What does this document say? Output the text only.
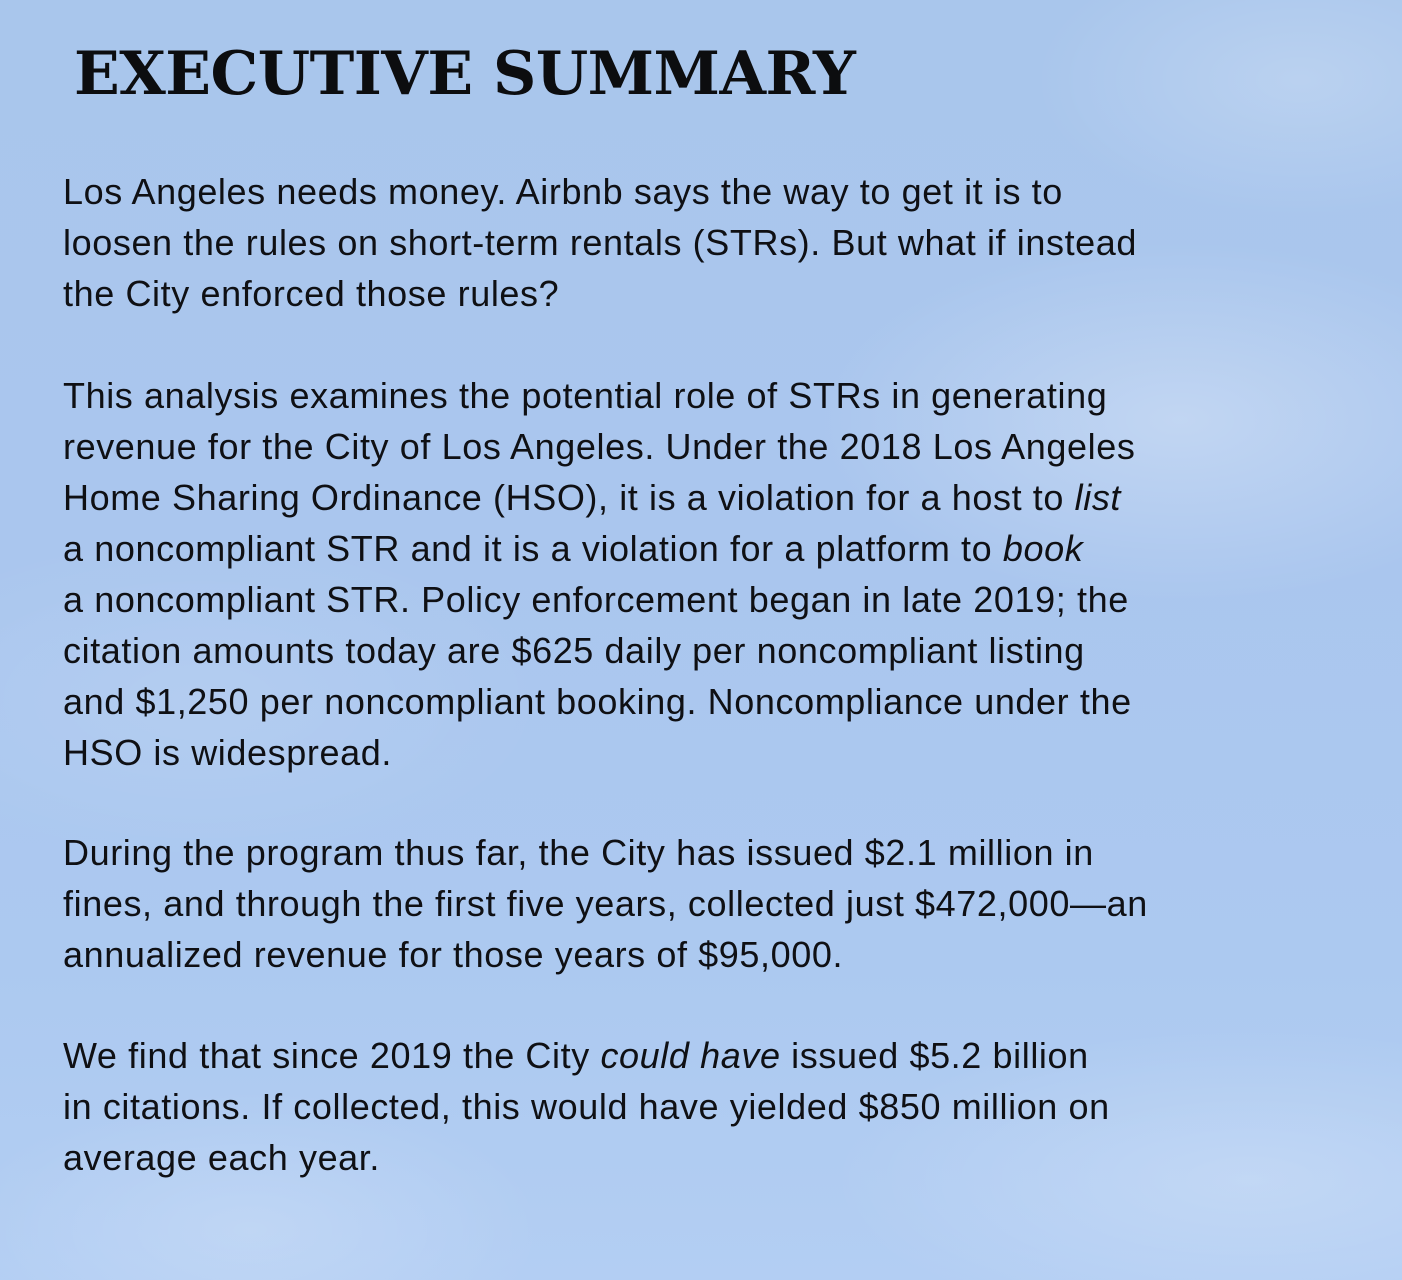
EXECUTIVE SUMMARY

Los Angeles needs money. Airbnb says the way to get it is to
loosen the rules on short-term rentals (STRs). But what if instead
the City enforced those rules?

This analysis examines the potential role of STRs in generating
revenue for the City of Los Angeles. Under the 2018 Los Angeles
Home Sharing Ordinance (HSO), it is a violation for a host to list
a noncompliant STR and it is a violation for a platform to book
a noncompliant STR. Policy enforcement began in late 2019; the
citation amounts today are $625 daily per noncompliant listing
and $1,250 per noncompliant booking. Noncompliance under the
HSO is widespread.

During the program thus far, the City has issued $2.1 million in
fines, and through the first five years, collected just $472,000—an
annualized revenue for those years of $95,000.

We find that since 2019 the City could have issued $5.2 billion
in citations. If collected, this would have yielded $850 million on
average each year.
